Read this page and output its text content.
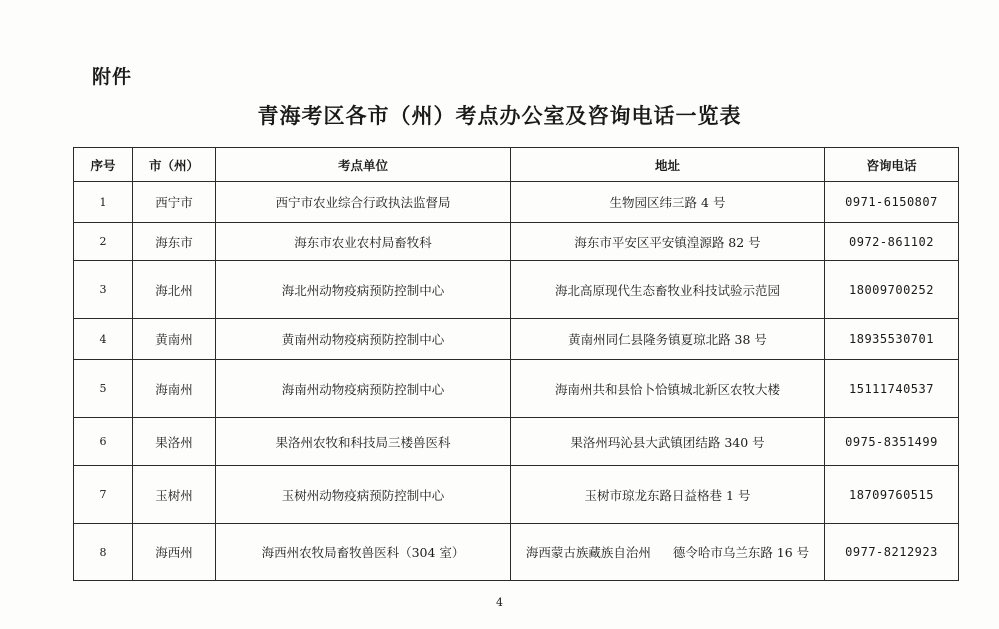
附件
青海考区各市（州）考点办公室及咨询电话一览表
序号	市（州）	考点单位	地址	咨询电话
1	西宁市	西宁市农业综合行政执法监督局	生物园区纬三路 4 号	0971-6150807
2	海东市	海东市农业农村局畜牧科	海东市平安区平安镇湟源路 82 号	0972-861102
3	海北州	海北州动物疫病预防控制中心	海北高原现代生态畜牧业科技试验示范园	18009700252
4	黄南州	黄南州动物疫病预防控制中心	黄南州同仁县隆务镇夏琼北路 38 号	18935530701
5	海南州	海南州动物疫病预防控制中心	海南州共和县恰卜恰镇城北新区农牧大楼	15111740537
6	果洛州	果洛州农牧和科技局三楼兽医科	果洛州玛沁县大武镇团结路 340 号	0975-8351499
7	玉树州	玉树州动物疫病预防控制中心	玉树市琼龙东路日益格巷 1 号	18709760515
8	海西州	海西州农牧局畜牧兽医科（304 室）	海西蒙古族藏族自治州 德令哈市乌兰东路 16 号	0977-8212923
4
